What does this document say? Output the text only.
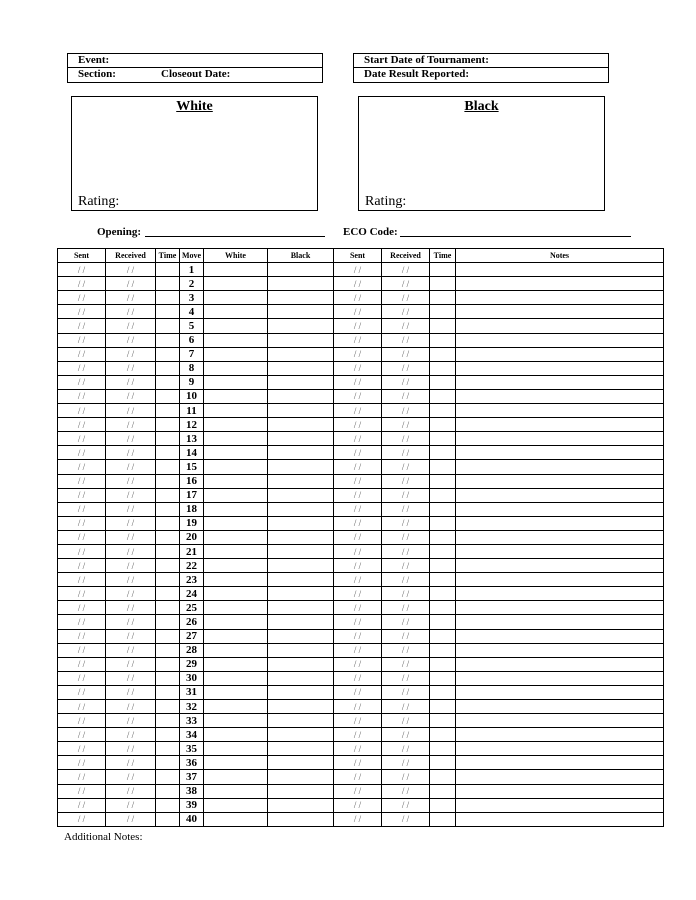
Event:
Section:	Closeout Date:
Start Date of Tournament:
Date Result Reported:
White
Rating:
Black
Rating:
Opening:	ECO Code:
Sent	Received	Time	Move	White	Black	Sent	Received	Time	Notes
/ /	/ /		1			/ /	/ /		
/ /	/ /		2			/ /	/ /		
/ /	/ /		3			/ /	/ /		
/ /	/ /		4			/ /	/ /		
/ /	/ /		5			/ /	/ /		
/ /	/ /		6			/ /	/ /		
/ /	/ /		7			/ /	/ /		
/ /	/ /		8			/ /	/ /		
/ /	/ /		9			/ /	/ /		
/ /	/ /		10			/ /	/ /		
/ /	/ /		11			/ /	/ /		
/ /	/ /		12			/ /	/ /		
/ /	/ /		13			/ /	/ /		
/ /	/ /		14			/ /	/ /		
/ /	/ /		15			/ /	/ /		
/ /	/ /		16			/ /	/ /		
/ /	/ /		17			/ /	/ /		
/ /	/ /		18			/ /	/ /		
/ /	/ /		19			/ /	/ /		
/ /	/ /		20			/ /	/ /		
/ /	/ /		21			/ /	/ /		
/ /	/ /		22			/ /	/ /		
/ /	/ /		23			/ /	/ /		
/ /	/ /		24			/ /	/ /		
/ /	/ /		25			/ /	/ /		
/ /	/ /		26			/ /	/ /		
/ /	/ /		27			/ /	/ /		
/ /	/ /		28			/ /	/ /		
/ /	/ /		29			/ /	/ /		
/ /	/ /		30			/ /	/ /		
/ /	/ /		31			/ /	/ /		
/ /	/ /		32			/ /	/ /		
/ /	/ /		33			/ /	/ /		
/ /	/ /		34			/ /	/ /		
/ /	/ /		35			/ /	/ /		
/ /	/ /		36			/ /	/ /		
/ /	/ /		37			/ /	/ /		
/ /	/ /		38			/ /	/ /		
/ /	/ /		39			/ /	/ /		
/ /	/ /		40			/ /	/ /		
Additional Notes:
